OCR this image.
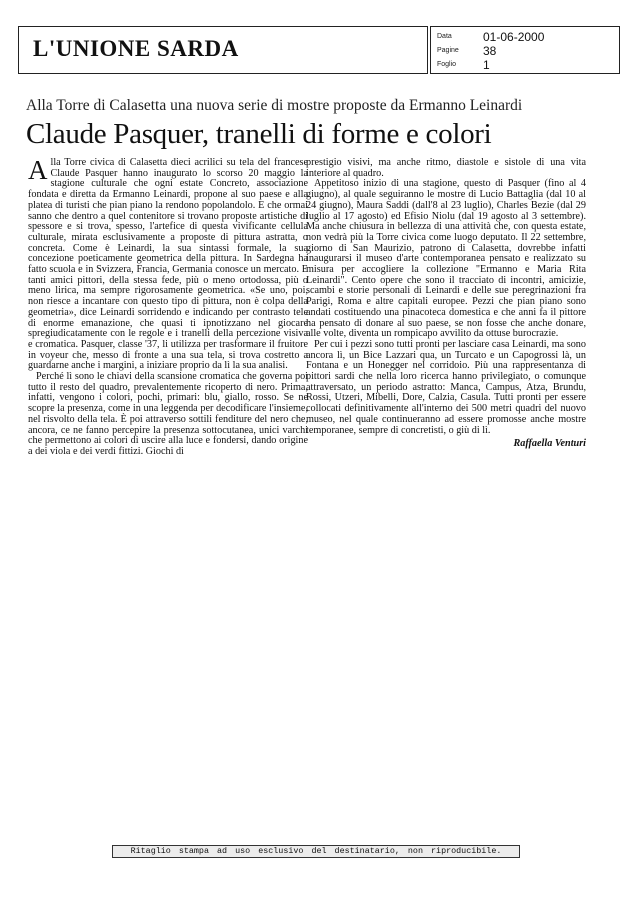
L'UNIONE SARDA	Data	01-06-2000
Pagine 38
Foglio 1
Alla Torre di Calasetta una nuova serie di mostre proposte da Ermanno Leinardi
Claude Pasquer, tranelli di forme e colori

Alla Torre civica di Calasetta dieci acrilici su tela del francese Claude Pasquer hanno inaugurato lo scorso 20 maggio la stagione culturale che ogni estate Concreto, associazione fondata e diretta da Ermanno Leinardi, propone al suo paese e alla platea di turisti che pian piano la rendono popolandolo. E che ormai sanno che dentro a quel contenitore si trovano proposte artistiche di spessore e si trova, spesso, l'artefice di questa vivificante cellula culturale, mirata esclusivamente a proposte di pittura astratta, o concreta. Come è Leinardi, la sua sintassi formale, la sua concezione poeticamente geometrica della pittura. In Sardegna ha fatto scuola e in Svizzera, Francia, Germania conosce un mercato. E tanti amici pittori, della stessa fede, più o meno ortodossa, più o meno lirica, ma sempre rigorosamente geometrica. «Se uno, poi, non riesce a incantare con questo tipo di pittura, non è colpa della geometria», dice Leinardi sorridendo e indicando per contrasto tele di enorme emanazione, che quasi ti ipnotizzano nel giocare spregiudicatamente con le regole e i tranelli della percezione visiva e cromatica. Pasquer, classe '37, li utilizza per trasformare il fruitore in voyeur che, messo di fronte a una sua tela, si trova costretto a guardarne anche i margini, a iniziare proprio da lì la sua analisi.

Perché lì sono le chiavi della scansione cromatica che governa poi tutto il resto del quadro, prevalentemente ricoperto di nero. Prima, infatti, vengono i colori, pochi, primari: blu, giallo, rosso. Se ne scopre la presenza, come in una leggenda per decodificare l'insieme, nel risvolto della tela. È poi attraverso sottili fenditure del nero che, ancora, ce ne fanno percepire la presenza sottocutanea, unici varchi che permettono ai colori di uscire alla luce e fondersi, dando origine a dei viola e dei verdi fittizi. Giochi di

prestigio visivi, ma anche ritmo, diastole e sistole di una vita interiore al quadro.

Appetitoso inizio di una stagione, questo di Pasquer (fino al 4 giugno), al quale seguiranno le mostre di Lucio Battaglia (dal 10 al 24 giugno), Maura Saddi (dall'8 al 23 luglio), Charles Bezie (dal 29 luglio al 17 agosto) ed Efisio Niolu (dal 19 agosto al 3 settembre). Ma anche chiusura in bellezza di una attività che, con questa estate, non vedrà più la Torre civica come luogo deputato. Il 22 settembre, giorno di San Maurizio, patrono di Calasetta, dovrebbe infatti inaugurarsi il museo d'arte contemporanea pensato e realizzato su misura per accogliere la collezione "Ermanno e Maria Rita Leinardi". Cento opere che sono il tracciato di incontri, amicizie, scambi e storie personali di Leinardi e delle sue peregrinazioni fra Parigi, Roma e altre capitali europee. Pezzi che pian piano sono andati costituendo una pinacoteca domestica e che anni fa il pittore ha pensato di donare al suo paese, se non fosse che anche donare, alle volte, diventa un rompicapo avvilito da ottuse burocrazie.

Per cui i pezzi sono tutti pronti per lasciare casa Leinardi, ma sono ancora lì, un Bice Lazzari qua, un Turcato e un Capogrossi là, un Fontana e un Honegger nel corridoio. Più una rappresentanza di pittori sardi che nella loro ricerca hanno privilegiato, o comunque attraversato, un periodo astratto: Manca, Campus, Atza, Brundu, Rossi, Utzeri, Mibelli, Dore, Calzia, Casula. Tutti pronti per essere collocati definitivamente all'interno dei 500 metri quadri del nuovo museo, nel quale continueranno ad essere promosse anche mostre temporanee, sempre di concretisti, o giù di lì.

Raffaella Venturi
Ritaglio stampa ad uso esclusivo del destinatario, non riproducibile.
